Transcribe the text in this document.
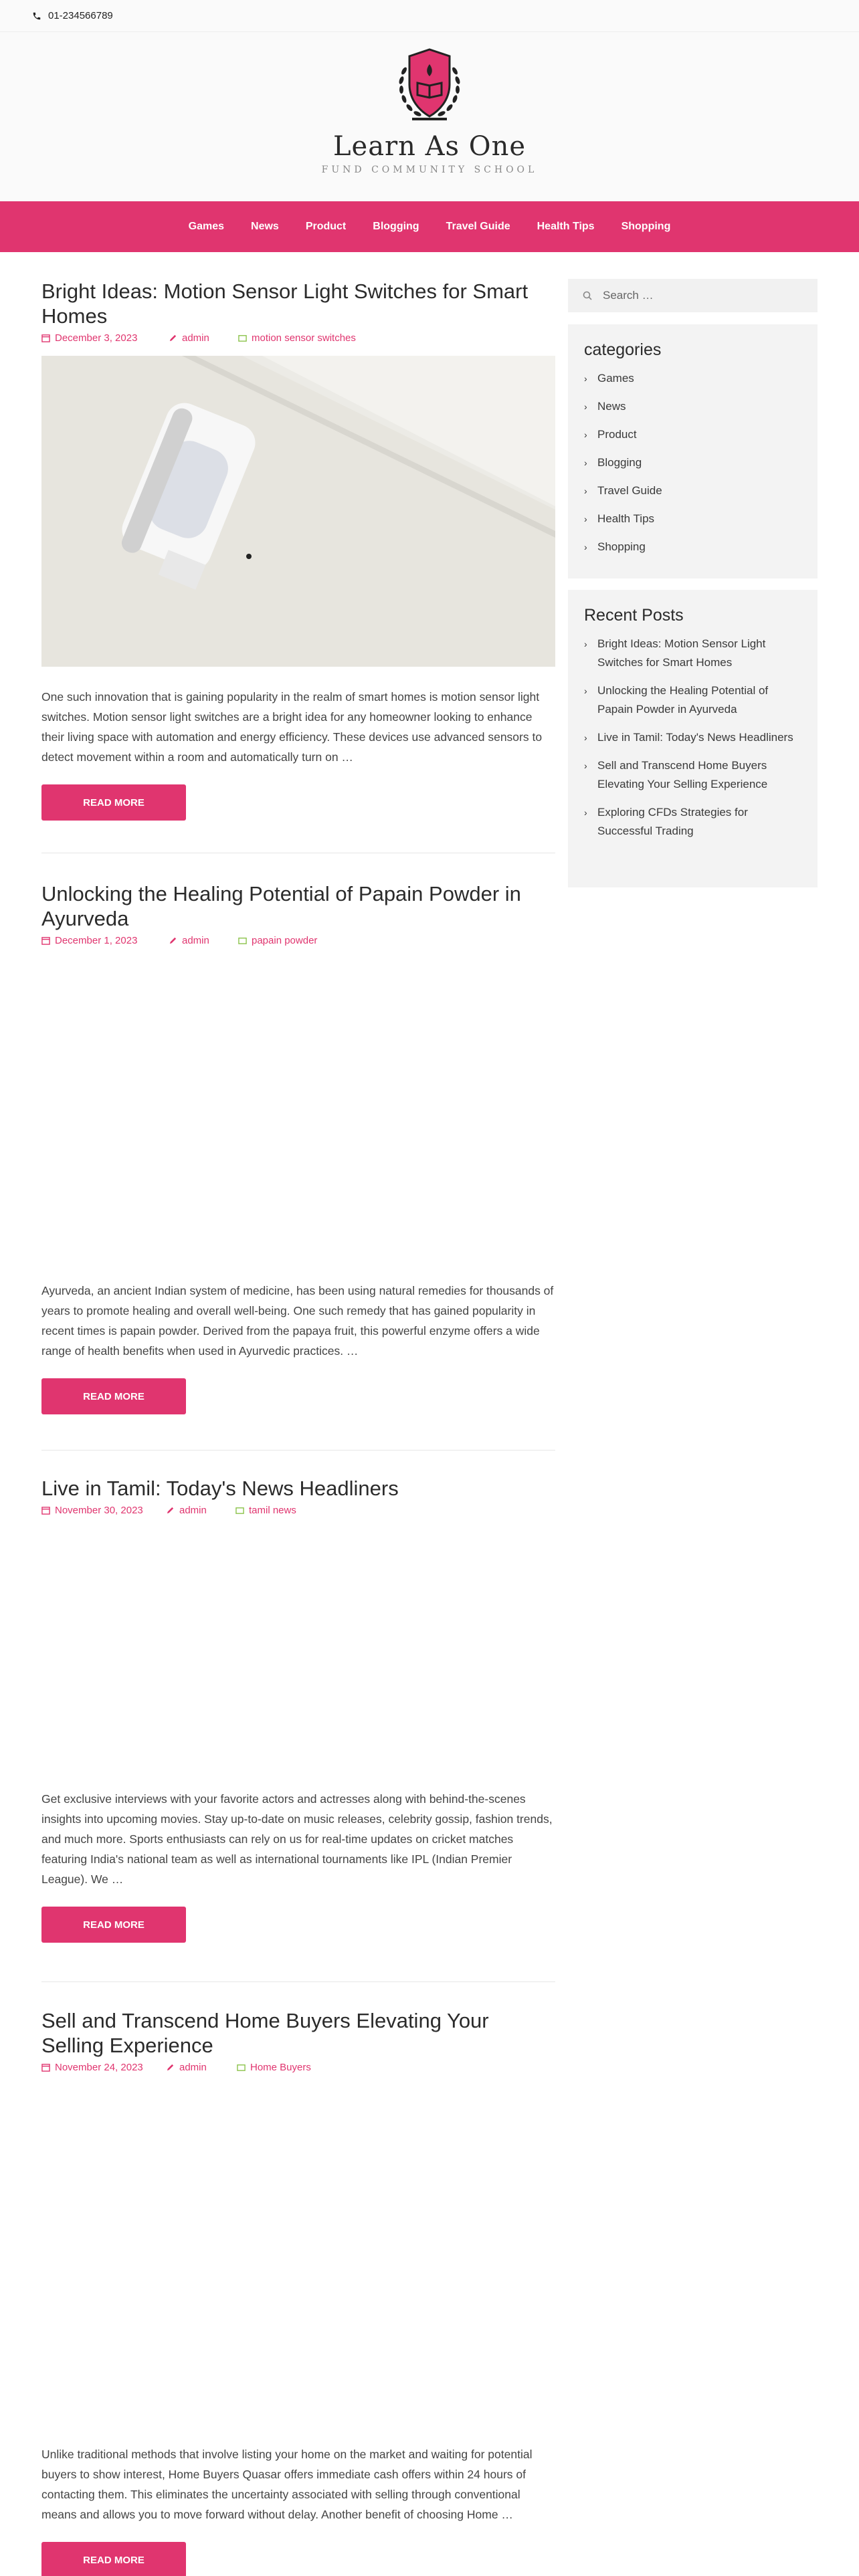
01-234566789
Learn As One
FUND COMMUNITY SCHOOL
Games	News	Product	Blogging	Travel Guide	Health Tips	Shopping
Bright Ideas: Motion Sensor Light Switches for Smart Homes
December 3, 2023	admin	motion sensor switches

One such innovation that is gaining popularity in the realm of smart homes is motion sensor light switches. Motion sensor light switches are a bright idea for any homeowner looking to enhance their living space with automation and energy efficiency. These devices use advanced sensors to detect movement within a room and automatically turn on …

READ MORE
Unlocking the Healing Potential of Papain Powder in Ayurveda
December 1, 2023	admin	papain powder

Ayurveda, an ancient Indian system of medicine, has been using natural remedies for thousands of years to promote healing and overall well-being. One such remedy that has gained popularity in recent times is papain powder. Derived from the papaya fruit, this powerful enzyme offers a wide range of health benefits when used in Ayurvedic practices. …

READ MORE
Live in Tamil: Today's News Headliners
November 30, 2023	admin	tamil news

Get exclusive interviews with your favorite actors and actresses along with behind-the-scenes insights into upcoming movies. Stay up-to-date on music releases, celebrity gossip, fashion trends, and much more. Sports enthusiasts can rely on us for real-time updates on cricket matches featuring India's national team as well as international tournaments like IPL (Indian Premier League). We …

READ MORE
Sell and Transcend Home Buyers Elevating Your Selling Experience
November 24, 2023	admin	Home Buyers

Unlike traditional methods that involve listing your home on the market and waiting for potential buyers to show interest, Home Buyers Quasar offers immediate cash offers within 24 hours of contacting them. This eliminates the uncertainty associated with selling through conventional means and allows you to move forward without delay. Another benefit of choosing Home …

READ MORE
Search …
categories
› Games
› News
› Product
› Blogging
› Travel Guide
› Health Tips
› Shopping
Recent Posts
› Bright Ideas: Motion Sensor Light Switches for Smart Homes
› Unlocking the Healing Potential of Papain Powder in Ayurveda
› Live in Tamil: Today's News Headliners
› Sell and Transcend Home Buyers Elevating Your Selling Experience
› Exploring CFDs Strategies for Successful Trading
